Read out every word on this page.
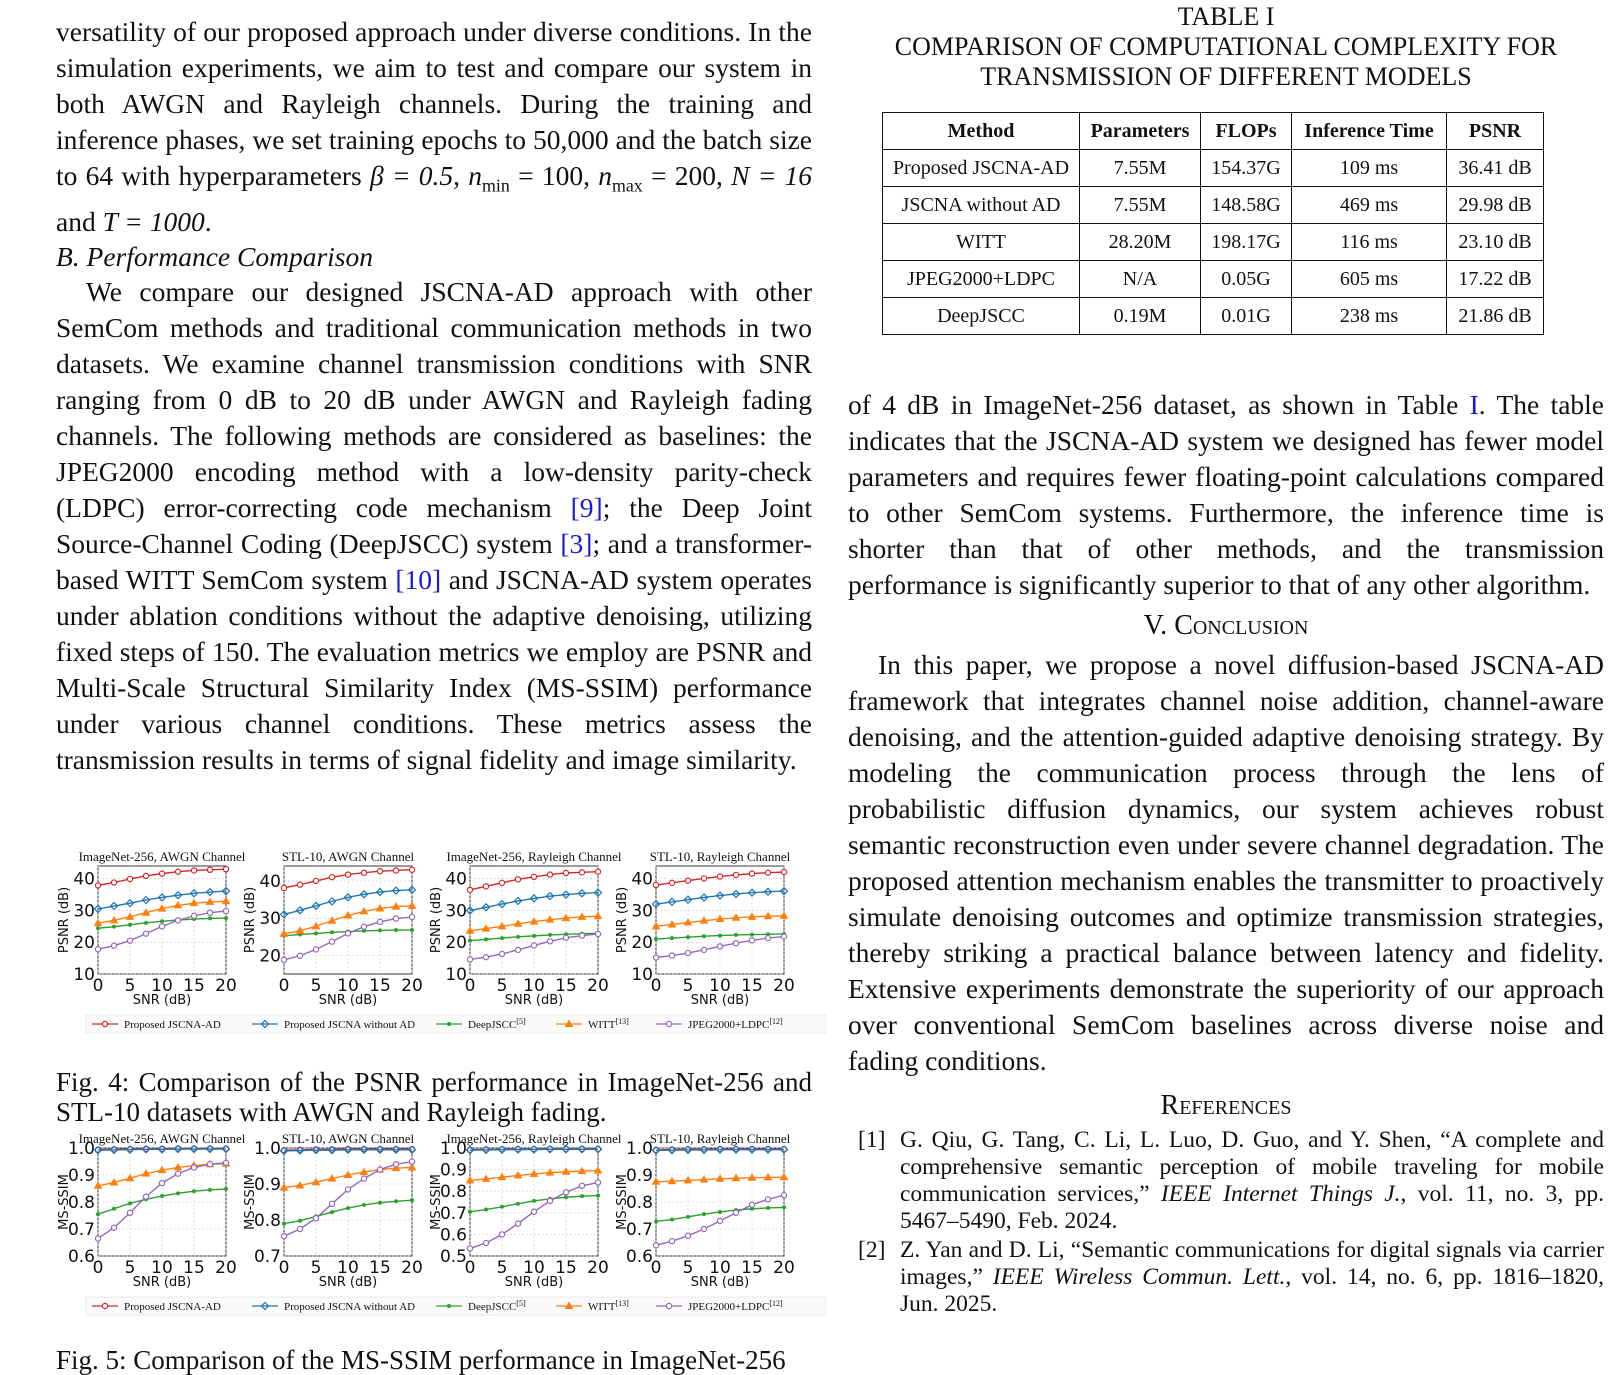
versatility of our proposed approach under diverse conditions. In the simulation experiments, we aim to test and compare our system in both AWGN and Rayleigh channels. During the training and inference phases, we set training epochs to 50,000 and the batch size to 64 with hyperparameters β = 0.5, $n_{min} = 100$, $n_{max} = 200$, N = 16 and T = 1000.

B. Performance Comparison

We compare our designed JSCNA-AD approach with other SemCom methods and traditional communication methods in two datasets. We examine channel transmission conditions with SNR ranging from 0 dB to 20 dB under AWGN and Rayleigh fading channels. The following methods are considered as baselines: the JPEG2000 encoding method with a low-density parity-check (LDPC) error-correcting code mechanism [9]; the Deep Joint Source-Channel Coding (DeepJSCC) system [3]; and a transformer-based WITT SemCom system [10] and JSCNA-AD system operates under ablation conditions without the adaptive denoising, utilizing fixed steps of 150. The evaluation metrics we employ are PSNR and Multi-Scale Structural Similarity Index (MS-SSIM) performance under various channel conditions. These metrics assess the transmission results in terms of signal fidelity and image similarity.

10
20
30
40
0 5 10 15 20
ImageNet-256, AWGN Channel
SNR (dB)
PSNR (dB)
20
30
40
0 5 10 15 20
STL-10, AWGN Channel
SNR (dB)
PSNR (dB)
10
20
30
40
0 5 10 15 20
ImageNet-256, Rayleigh Channel
SNR (dB)
PSNR (dB)
10
20
30
40
0 5 10 15 20
STL-10, Rayleigh Channel
SNR (dB)
PSNR (dB)
Proposed JSCNA-AD	Proposed JSCNA without AD	DeepJSCC[5]	WITT[13]	JPEG2000+LDPC[12]

Fig. 4: Comparison of the PSNR performance in ImageNet-256 and STL-10 datasets with AWGN and Rayleigh fading.

0.6
0.7
0.8
0.9
1.0
0 5 10 15 20
ImageNet-256, AWGN Channel
SNR (dB)
MS-SSIM
0.7
0.8
0.9
1.0
0 5 10 15 20
STL-10, AWGN Channel
SNR (dB)
MS-SSIM
0.5
0.6
0.7
0.8
0.9
1.0
0 5 10 15 20
ImageNet-256, Rayleigh Channel
SNR (dB)
MS-SSIM
0.6
0.7
0.8
0.9
1.0
0 5 10 15 20
STL-10, Rayleigh Channel
SNR (dB)
MS-SSIM
Proposed JSCNA-AD	Proposed JSCNA without AD	DeepJSCC[5]	WITT[13]	JPEG2000+LDPC[12]

Fig. 5: Comparison of the MS-SSIM performance in ImageNet-256

TABLE I

COMPARISON OF COMPUTATIONAL COMPLEXITY FOR TRANSMISSION OF DIFFERENT MODELS

Method	Parameters	FLOPs	Inference Time	PSNR
Proposed JSCNA-AD	7.55M	154.37G	109 ms	36.41 dB
JSCNA without AD	7.55M	148.58G	469 ms	29.98 dB
WITT	28.20M	198.17G	116 ms	23.10 dB
JPEG2000+LDPC	N/A	0.05G	605 ms	17.22 dB
DeepJSCC	0.19M	0.01G	238 ms	21.86 dB

of 4 dB in ImageNet-256 dataset, as shown in Table I. The table indicates that the JSCNA-AD system we designed has fewer model parameters and requires fewer floating-point calculations compared to other SemCom systems. Furthermore, the inference time is shorter than that of other methods, and the transmission performance is significantly superior to that of any other algorithm.

V. Conclusion

In this paper, we propose a novel diffusion-based JSCNA-AD framework that integrates channel noise addition, channel-aware denoising, and the attention-guided adaptive denoising strategy. By modeling the communication process through the lens of probabilistic diffusion dynamics, our system achieves robust semantic reconstruction even under severe channel degradation. The proposed attention mechanism enables the transmitter to proactively simulate denoising outcomes and optimize transmission strategies, thereby striking a practical balance between latency and fidelity. Extensive experiments demonstrate the superiority of our approach over conventional SemCom baselines across diverse noise and fading conditions.

References

[1] G. Qiu, G. Tang, C. Li, L. Luo, D. Guo, and Y. Shen, “A complete and comprehensive semantic perception of mobile traveling for mobile communication services,” IEEE Internet Things J., vol. 11, no. 3, pp. 5467–5490, Feb. 2024.
[2] Z. Yan and D. Li, “Semantic communications for digital signals via carrier images,” IEEE Wireless Commun. Lett., vol. 14, no. 6, pp. 1816–1820, Jun. 2025.
